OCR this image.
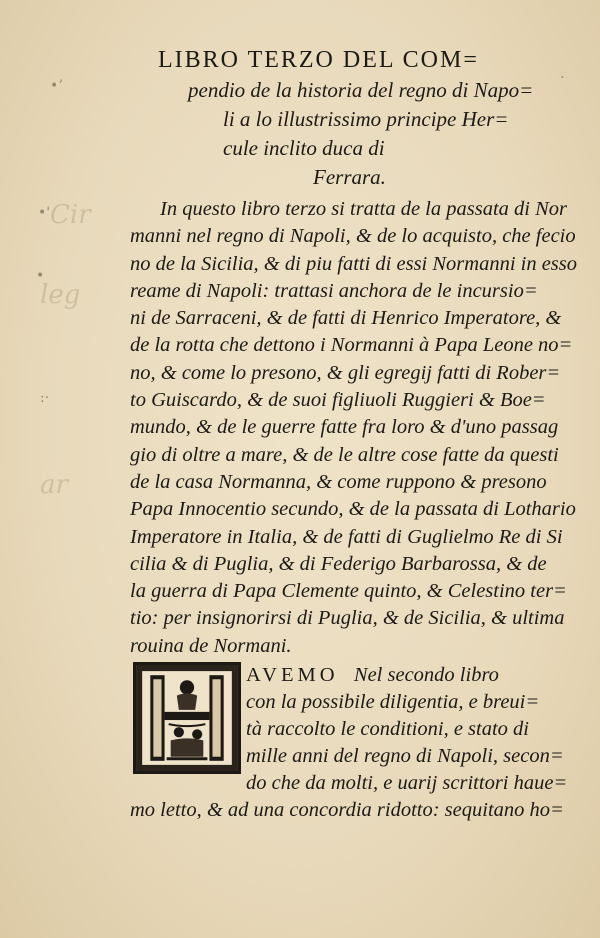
Cir
leg
ar
•ʼ
•'
•
:·
·
LIBRO TERZO DEL COM=
pendio de la historia del regno di Napo=
li a lo illustrissimo principe Her=
cule inclito duca di
Ferrara.
In questo libro terzo si tratta de la passata di Nor
manni nel regno di Napoli, & de lo acquisto, che fecio
no de la Sicilia, & di piu fatti di essi Normanni in esso
reame di Napoli: trattasi anchora de le incursio=
ni de Sarraceni, & de fatti di Henrico Imperatore, &
de la rotta che dettono i Normanni à Papa Leone no=
no, & come lo presono, & gli egregij fatti di Rober=
to Guiscardo, & de suoi figliuoli Ruggieri & Boe=
mundo, & de le guerre fatte fra loro & d'uno passag
gio di oltre a mare, & de le altre cose fatte da questi
de la casa Normanna, & come ruppono & presono
Papa Innocentio secundo, & de la passata di Lothario
Imperatore in Italia, & de fatti di Guglielmo Re di Si
cilia & di Puglia, & di Federigo Barbarossa, & de
la guerra di Papa Clemente quinto, & Celestino ter=
tio: per insignorirsi di Puglia, & de Sicilia, & ultima
rouina de Normani.
AVEMO Nel secondo libro
con la possibile diligentia, e breui=
tà raccolto le conditioni, e stato di
mille anni del regno di Napoli, secon=
do che da molti, e uarij scrittori haue=
mo letto, & ad una concordia ridotto: sequitano ho=
